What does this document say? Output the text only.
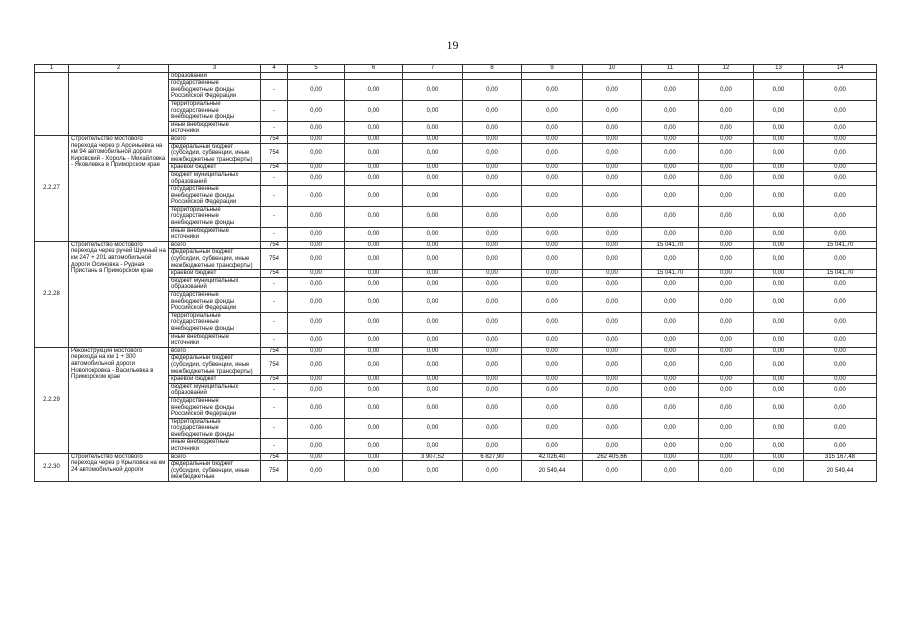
19
1	2	3	4	5	6	7	8	9	10	11	12	13	14
		образований											
		государственные внебюджетные фонды Российской Федерации	-	0,00	0,00	0,00	0,00	0,00	0,00	0,00	0,00	0,00	0,00
		территориальные государственные внебюджетные фонды	-	0,00	0,00	0,00	0,00	0,00	0,00	0,00	0,00	0,00	0,00
		иные внебюджетные источники	-	0,00	0,00	0,00	0,00	0,00	0,00	0,00	0,00	0,00	0,00
2.2.27	Строительство мостового перехода через р Арсеньевка на км 94 автомобильной дороги Кировский - Хороль - Михайловка - Яковлевка в Приморском крае	всего	754	0,00	0,00	0,00	0,00	0,00	0,00	0,00	0,00	0,00	0,00
		федеральный бюджет (субсидии, субвенции, иные межбюджетные трансферты)	754	0,00	0,00	0,00	0,00	0,00	0,00	0,00	0,00	0,00	0,00
		краевой бюджет	754	0,00	0,00	0,00	0,00	0,00	0,00	0,00	0,00	0,00	0,00
		бюджет муниципальных образований	-	0,00	0,00	0,00	0,00	0,00	0,00	0,00	0,00	0,00	0,00
		государственные внебюджетные фонды Российской Федерации	-	0,00	0,00	0,00	0,00	0,00	0,00	0,00	0,00	0,00	0,00
		территориальные государственные внебюджетные фонды	-	0,00	0,00	0,00	0,00	0,00	0,00	0,00	0,00	0,00	0,00
		иные внебюджетные источники	-	0,00	0,00	0,00	0,00	0,00	0,00	0,00	0,00	0,00	0,00
2.2.28	Строительство мостового перехода через ручей Шумный на км 247 + 201 автомобильной дороги Осиновка - Рудная Пристань в Приморском крае	всего	754	0,00	0,00	0,00	0,00	0,00	0,00	15 041,70	0,00	0,00	15 041,70
		федеральный бюджет (субсидии, субвенции, иные межбюджетные трансферты)	754	0,00	0,00	0,00	0,00	0,00	0,00	0,00	0,00	0,00	0,00
		краевой бюджет	754	0,00	0,00	0,00	0,00	0,00	0,00	15 041,70	0,00	0,00	15 041,70
		бюджет муниципальных образований	-	0,00	0,00	0,00	0,00	0,00	0,00	0,00	0,00	0,00	0,00
		государственные внебюджетные фонды Российской Федерации	-	0,00	0,00	0,00	0,00	0,00	0,00	0,00	0,00	0,00	0,00
		территориальные государственные внебюджетные фонды	-	0,00	0,00	0,00	0,00	0,00	0,00	0,00	0,00	0,00	0,00
		иные внебюджетные источники	-	0,00	0,00	0,00	0,00	0,00	0,00	0,00	0,00	0,00	0,00
2.2.29	Реконструкция мостового перехода на км 1 + 300 автомобильной дороги Новопокровка - Васильевка в Приморском крае	всего	754	0,00	0,00	0,00	0,00	0,00	0,00	0,00	0,00	0,00	0,00
		федеральный бюджет (субсидии, субвенции, иные межбюджетные трансферты)	754	0,00	0,00	0,00	0,00	0,00	0,00	0,00	0,00	0,00	0,00
		краевой бюджет	754	0,00	0,00	0,00	0,00	0,00	0,00	0,00	0,00	0,00	0,00
		бюджет муниципальных образований	-	0,00	0,00	0,00	0,00	0,00	0,00	0,00	0,00	0,00	0,00
		государственные внебюджетные фонды Российской Федерации	-	0,00	0,00	0,00	0,00	0,00	0,00	0,00	0,00	0,00	0,00
		территориальные государственные внебюджетные фонды	-	0,00	0,00	0,00	0,00	0,00	0,00	0,00	0,00	0,00	0,00
		иные внебюджетные источники	-	0,00	0,00	0,00	0,00	0,00	0,00	0,00	0,00	0,00	0,00
2.2.30	Строительство мостового перехода через р Крыловка на км 24 автомобильной дороги	всего	754	0,00	0,00	3 907,52	6 827,90	42 026,40	262 405,66	0,00	0,00	0,00	315 167,48
		федеральный бюджет (субсидии, субвенции, иные межбюджетные	754	0,00	0,00	0,00	0,00	20 549,44	0,00	0,00	0,00	0,00	20 549,44
